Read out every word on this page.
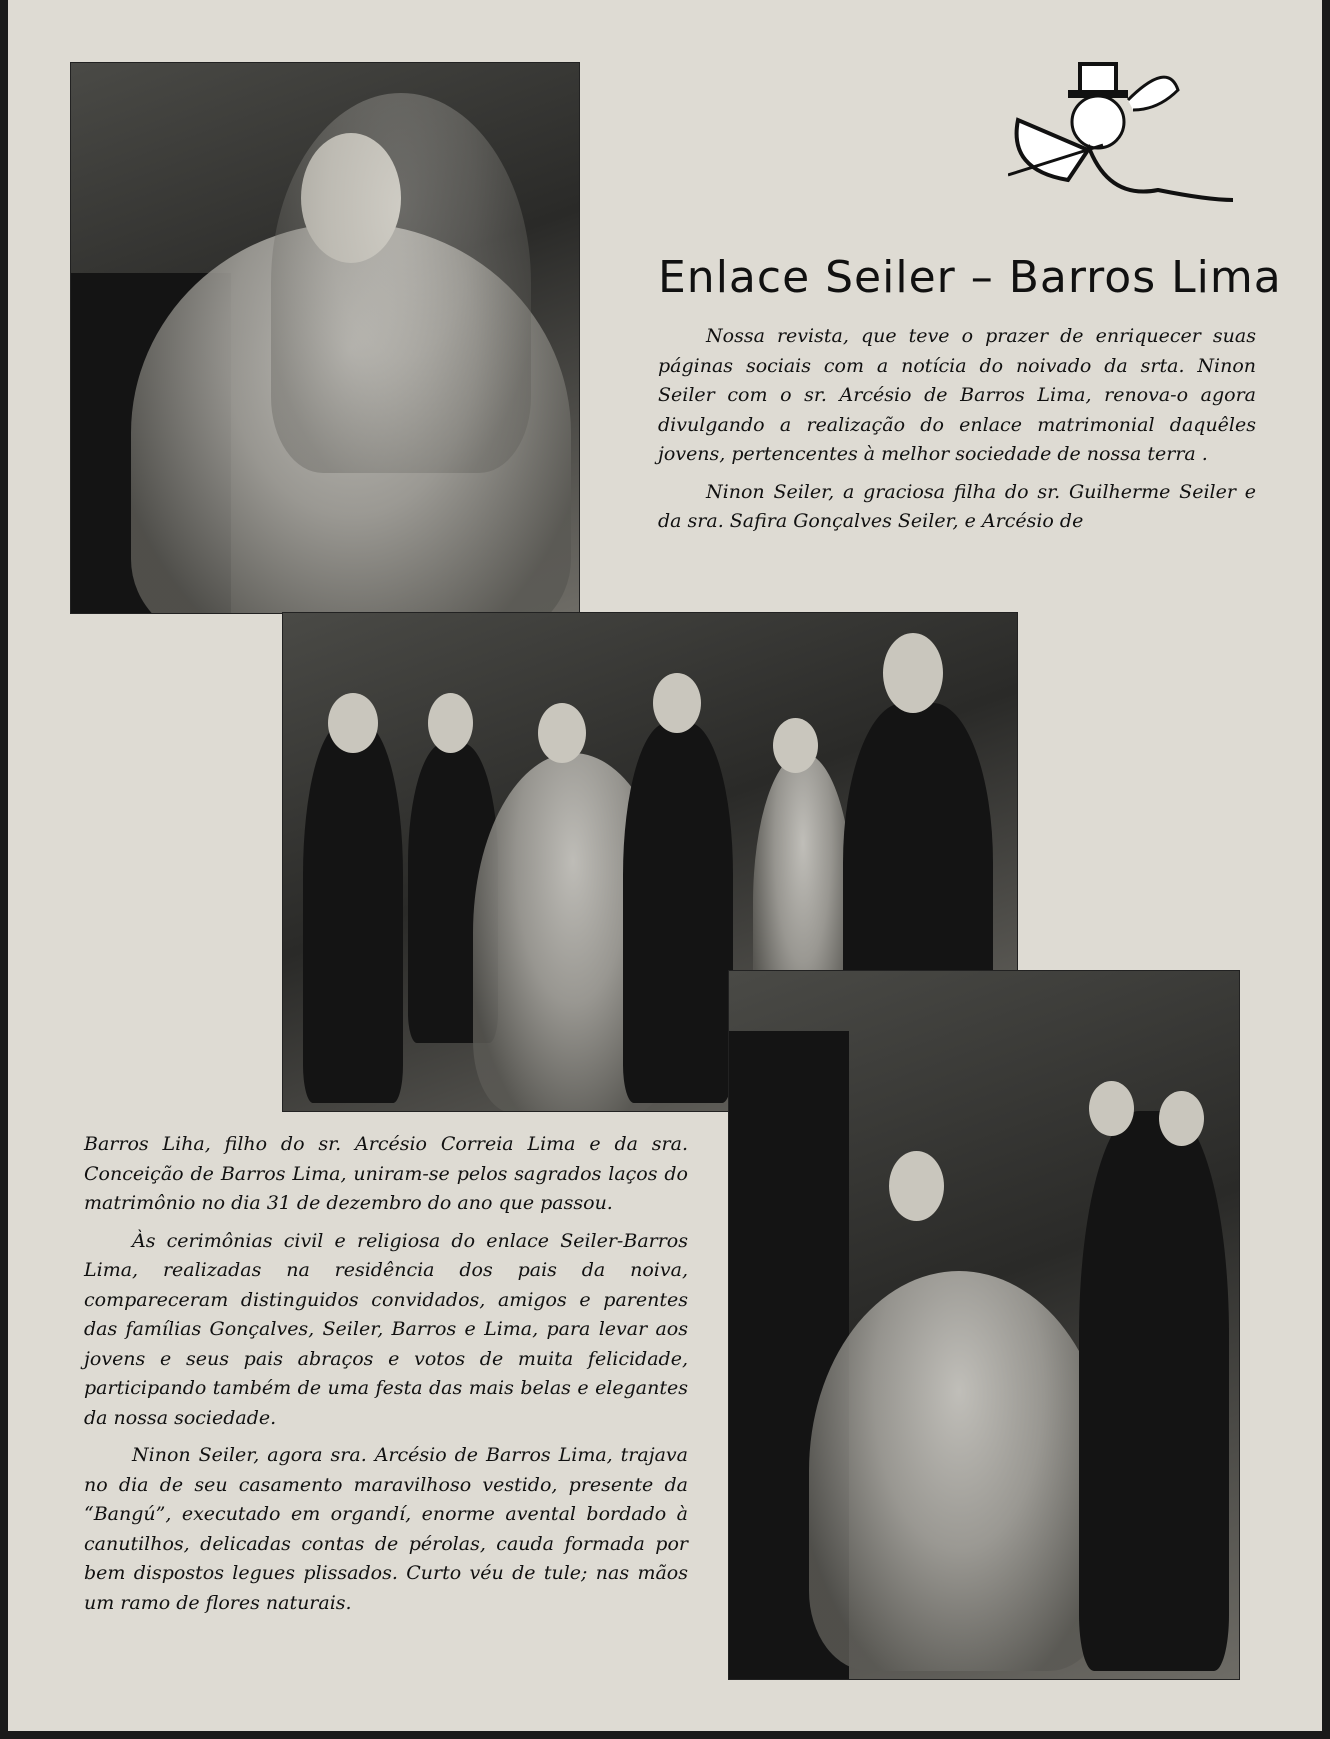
Enlace Seiler – Barros Lima
Nossa revista, que teve o prazer de enriquecer suas páginas sociais com a notícia do noivado da srta. Ninon Seiler com o sr. Arcésio de Barros Lima, renova-o agora divulgando a realização do enlace matrimonial daquêles jovens, pertencentes à melhor sociedade de nossa terra .
Ninon Seiler, a graciosa filha do sr. Guilherme Seiler e da sra. Safira Gonçalves Seiler, e Arcésio de
Barros Liha, filho do sr. Arcésio Correia Lima e da sra. Conceição de Barros Lima, uniram-se pelos sagrados laços do matrimônio no dia 31 de dezembro do ano que passou.
Às cerimônias civil e religiosa do enlace Seiler-Barros Lima, realizadas na residência dos pais da noiva, compareceram distinguidos convidados, amigos e parentes das famílias Gonçalves, Seiler, Barros e Lima, para levar aos jovens e seus pais abraços e votos de muita felicidade, participando também de uma festa das mais belas e elegantes da nossa sociedade.
Ninon Seiler, agora sra. Arcésio de Barros Lima, trajava no dia de seu casamento maravilhoso vestido, presente da “Bangú”, executado em organdí, enorme avental bordado à canutilhos, delicadas contas de pérolas, cauda formada por bem dispostos legues plissados. Curto véu de tule; nas mãos um ramo de flores naturais.
